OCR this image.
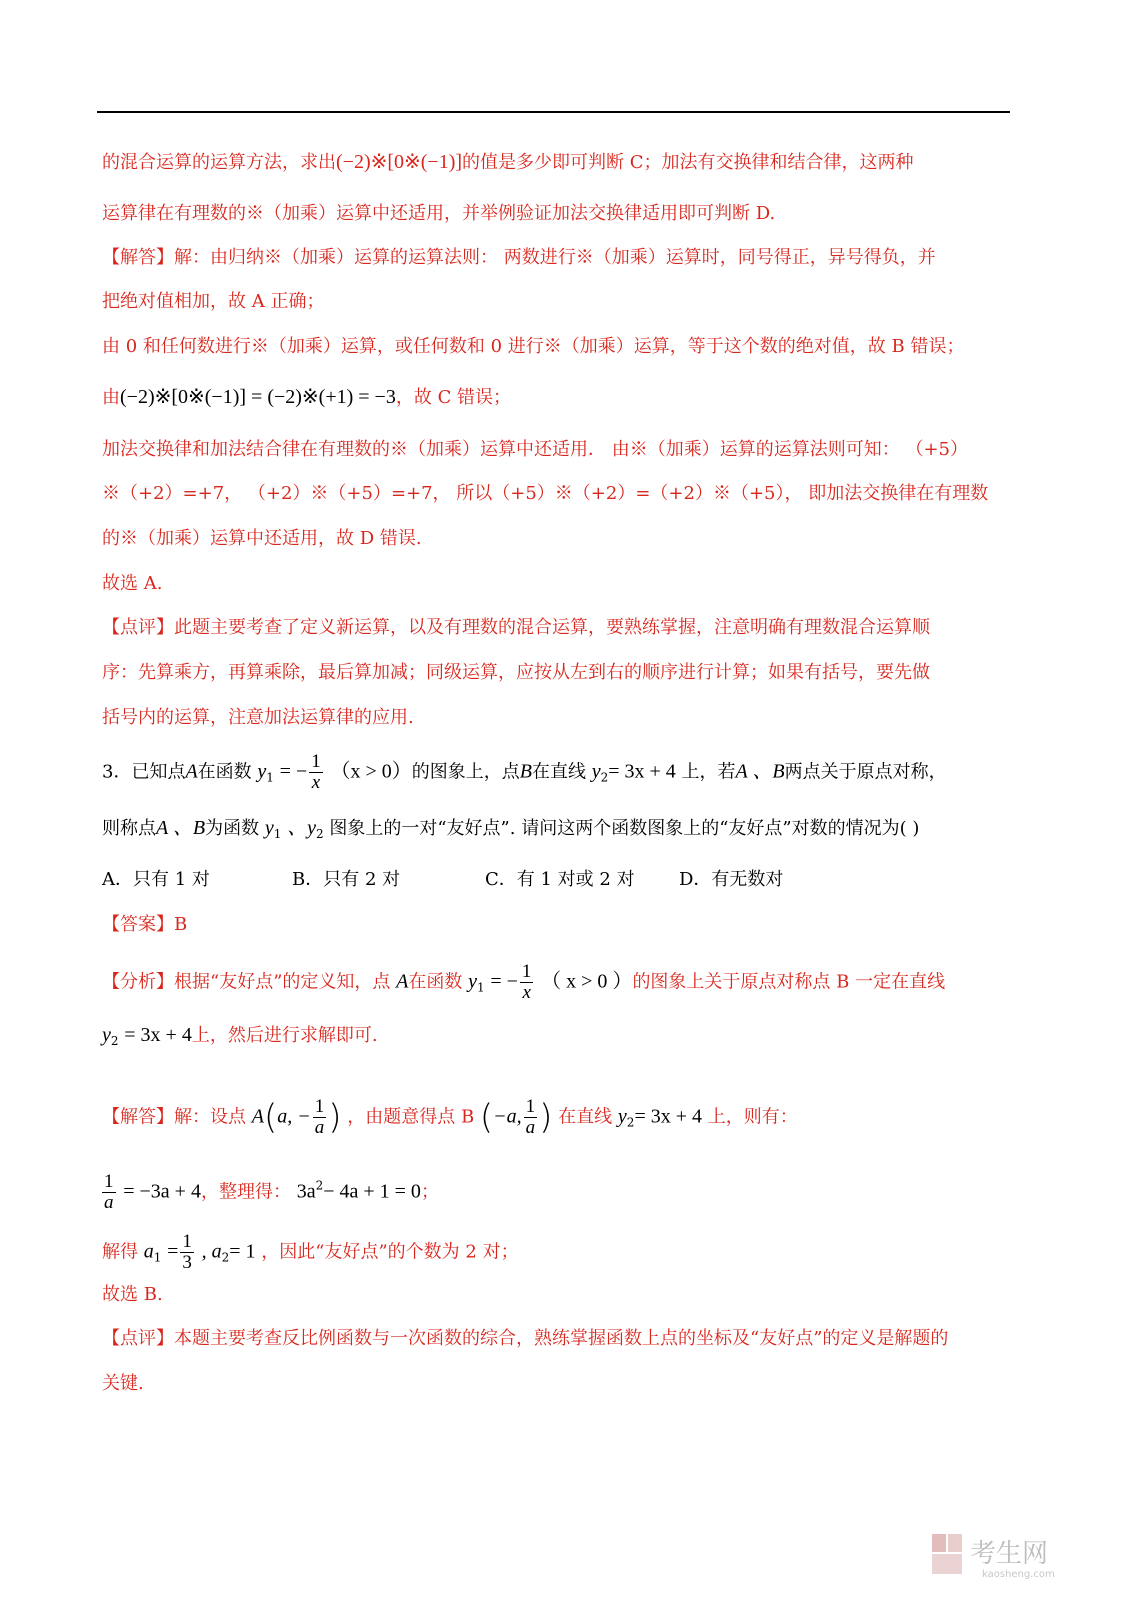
的混合运算的运算方法，求出(−2)※[0※(−1)]的值是多少即可判断 C；加法有交换律和结合律，这两种
运算律在有理数的※（加乘）运算中还适用，并举例验证加法交换律适用即可判断 D.
【解答】解：由归纳※（加乘）运算的运算法则： 两数进行※（加乘）运算时，同号得正，异号得负，并
把绝对值相加，故 A 正确；
由 0 和任何数进行※（加乘）运算，或任何数和 0 进行※（加乘）运算，等于这个数的绝对值，故 B 错误；
由(−2)※[0※(−1)] = (−2)※(+1) = −3，故 C 错误；
加法交换律和加法结合律在有理数的※（加乘）运算中还适用． 由※（加乘）运算的运算法则可知： （+5）
※（+2）=+7， （+2）※（+5）=+7， 所以（+5）※（+2）=（+2）※（+5）， 即加法交换律在有理数
的※（加乘）运算中还适用，故 D 错误.
故选 A.
【点评】此题主要考查了定义新运算，以及有理数的混合运算，要熟练掌握，注意明确有理数混合运算顺
序：先算乘方，再算乘除，最后算加减；同级运算，应按从左到右的顺序进行计算；如果有括号，要先做
括号内的运算，注意加法运算律的应用.
3．已知点A在函数 $y_1$ = − $\frac{1}{x} (x > 0)$的图象上，点B在直线 $y_2= 3x + 4$ 上，若A 、B两点关于原点对称，
则称点A 、B为函数 $y_1$ 、$y_2$ 图象上的一对“友好点”. 请问这两个函数图象上的“友好点”对数的情况为( )
A．只有 1 对	B．只有 2 对	C．有 1 对或 2 对 D．有无数对
【答案】B
【分析】根据“友好点”的定义知，点 A在函数 $y_1$ = − $\frac{1}{x}$ （ x > 0 ）的图象上关于原点对称点 B 一定在直线
$y_2 = 3x + 4$上，然后进行求解即可.
【解答】解：设点 A(a, − $\frac{1}{a}$ ) ，由题意得点 B (−a, $\frac{1}{a}$ ) 在直线 $y_2= 3x + 4$ 上，则有：
$\frac{1}{a} = -3a + 4$，整理得： $3a^2- 4a + 1 = 0$；
解得 $a_1 = \frac{1}{3}$ , $a_2= 1$ ，因此“友好点”的个数为 2 对；
故选 B.
【点评】本题主要考查反比例函数与一次函数的综合，熟练掌握函数上点的坐标及“友好点”的定义是解题的
关键.
考生网
kaosheng.com
